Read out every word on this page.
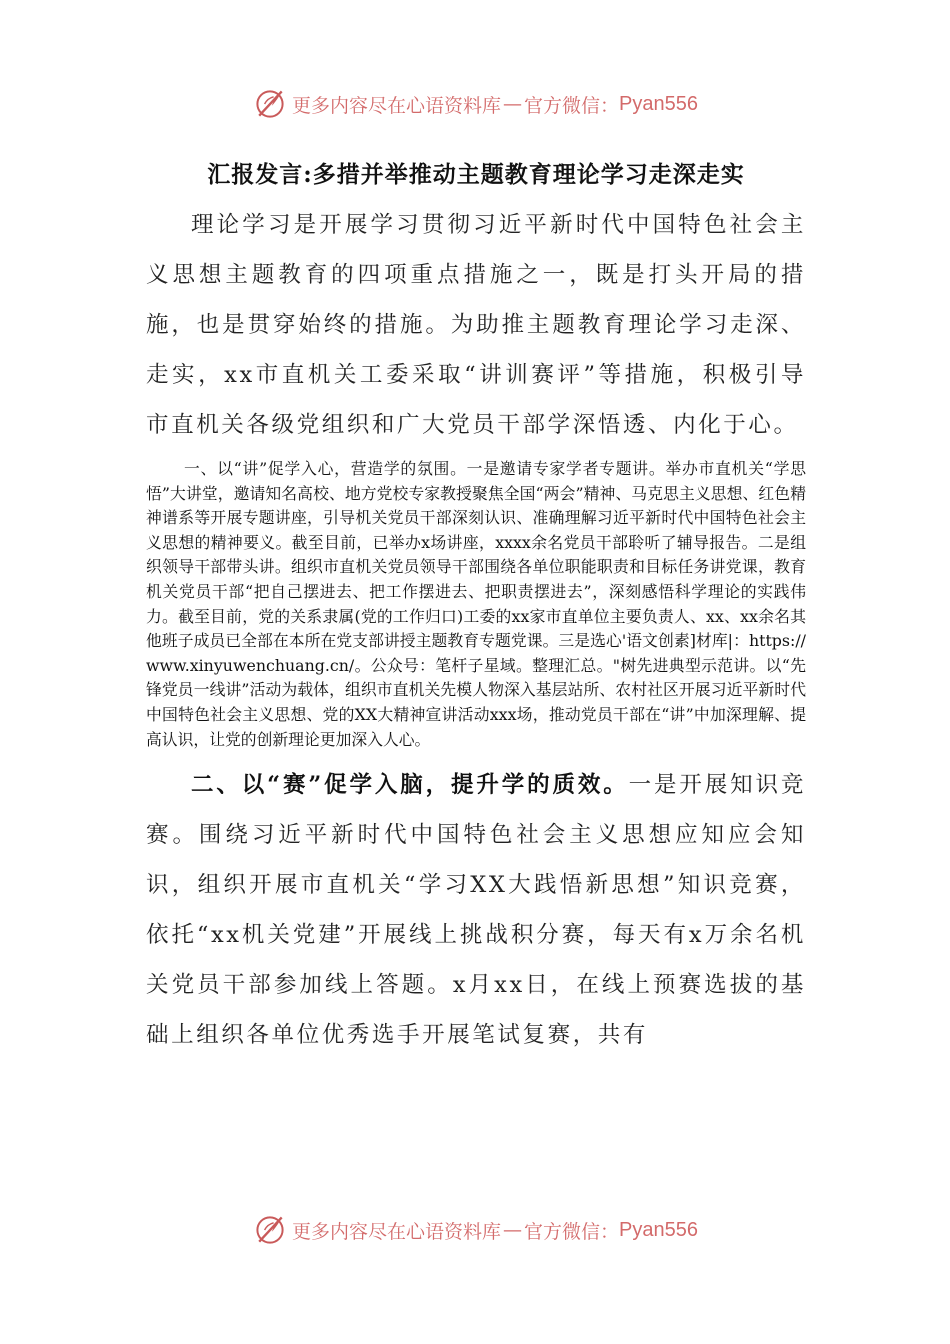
更多内容尽在心语资料库 — 官方微信： Pyan556
汇报发言:多措并举推动主题教育理论学习走深走实

理论学习是开展学习贯彻习近平新时代中国特色社会主义思想主题教育的四项重点措施之一，既是打头开局的措施，也是贯穿始终的措施。为助推主题教育理论学习走深、走实，xx市直机关工委采取“讲训赛评”等措施，积极引导市直机关各级党组织和广大党员干部学深悟透、内化于心。

一、以“讲”促学入心，营造学的氛围。一是邀请专家学者专题讲。举办市直机关“学思悟”大讲堂，邀请知名高校、地方党校专家教授聚焦全国“两会”精神、马克思主义思想、红色精神谱系等开展专题讲座，引导机关党员干部深刻认识、准确理解习近平新时代中国特色社会主义思想的精神要义。截至目前，已举办x场讲座，xxxx余名党员干部聆听了辅导报告。二是组织领导干部带头讲。组织市直机关党员领导干部围绕各单位职能职责和目标任务讲党课，教育机关党员干部“把自己摆进去、把工作摆进去、把职责摆进去”，深刻感悟科学理论的实践伟力。截至目前，党的关系隶属(党的工作归口)工委的xx家市直单位主要负责人、xx、xx余名其他班子成员已全部在本所在党支部讲授主题教育专题党课。三是选心'语文创素]材库|：https://www.xinyuwenchuang.cn/。公众号：笔杆子星域。整理汇总。"树先进典型示范讲。以“先锋党员一线讲”活动为载体，组织市直机关先模人物深入基层站所、农村社区开展习近平新时代中国特色社会主义思想、党的XX大精神宣讲活动xxx场，推动党员干部在“讲”中加深理解、提高认识，让党的创新理论更加深入人心。

二、以“赛”促学入脑，提升学的质效。一是开展知识竞赛。围绕习近平新时代中国特色社会主义思想应知应会知识，组织开展市直机关“学习XX大践悟新思想”知识竞赛，依托“xx机关党建”开展线上挑战积分赛，每天有x万余名机关党员干部参加线上答题。x月xx日，在线上预赛选拔的基础上组织各单位优秀选手开展笔试复赛，共有

更多内容尽在心语资料库 — 官方微信： Pyan556
